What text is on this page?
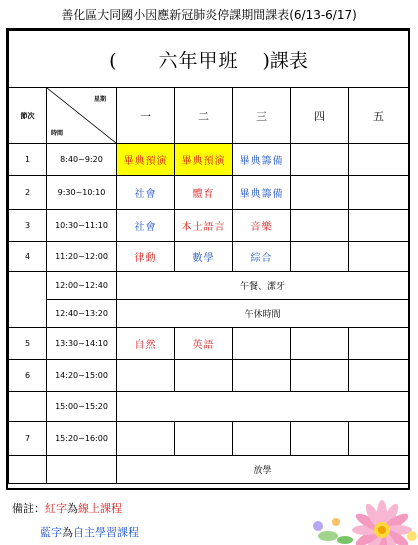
善化區大同國小因應新冠肺炎停課期間課表(6/13-6/17)
( 六年甲班 )課表						
節次	星期
時間	一	二	三	四	五
1	8:40~9:20	畢典預演	畢典預演	畢典籌備		
2	9:30~10:10	社會	體育	畢典籌備		
3	10:30~11:10	社會	本土語言	音樂		
4	11:20~12:00	律動	數學	綜合		
	12:00~12:40	午餐、潔牙				
	12:40~13:20	午休時間				
5	13:30~14:10	自然	英語			
6	14:20~15:00					
	15:00~15:20					
7	15:20~16:00					
		放學				
備註：紅字為線上課程
藍字為自主學習課程
